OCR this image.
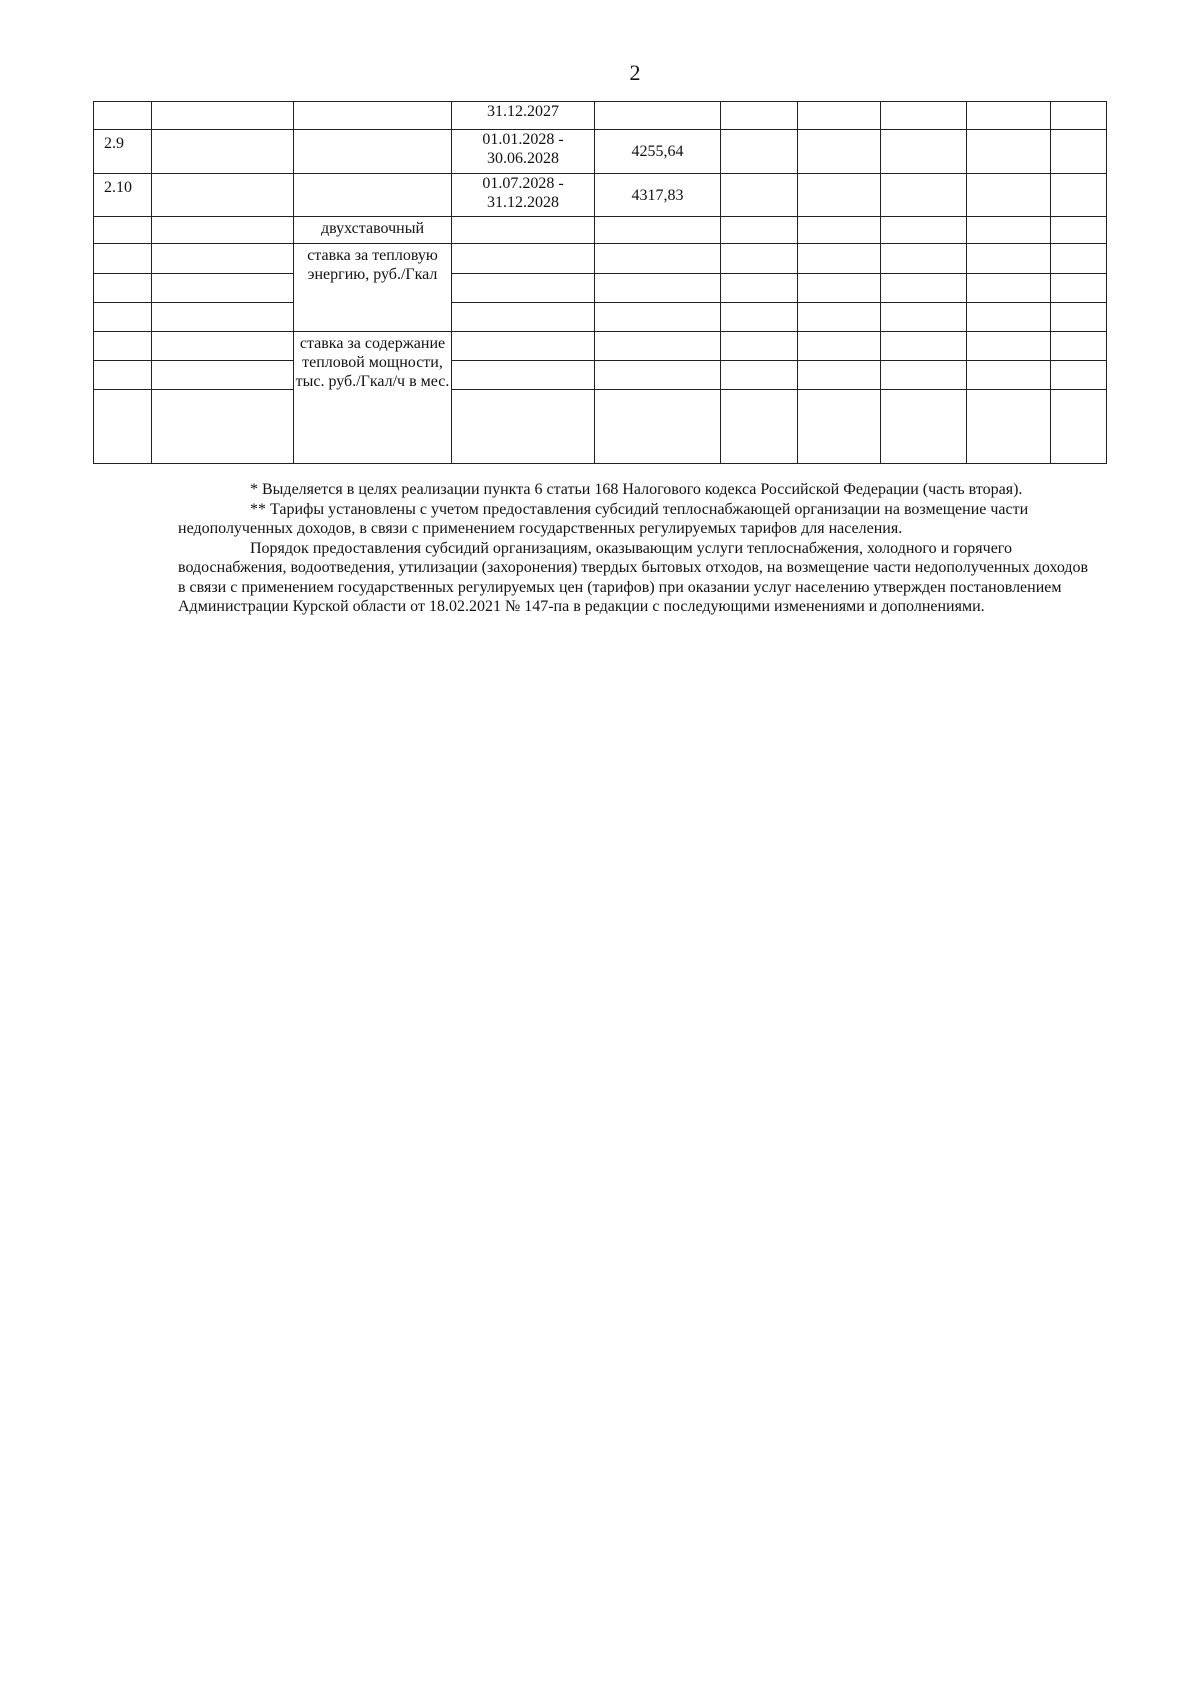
2
			31.12.2027						
2.9			01.01.2028 - 30.06.2028	4255,64					
2.10			01.07.2028 - 31.12.2028	4317,83					
		двухставочный							
		ставка за тепловую энергию, руб./Гкал							

		ставка за содержание тепловой мощности, тыс. руб./Гкал/ч в мес.							

* Выделяется в целях реализации пункта 6 статьи 168 Налогового кодекса Российской Федерации (часть вторая).

** Тарифы установлены с учетом предоставления субсидий теплоснабжающей организации на возмещение части недополученных доходов, в связи с применением государственных регулируемых тарифов для населения.

Порядок предоставления субсидий организациям, оказывающим услуги теплоснабжения, холодного и горячего водоснабжения, водоотведения, утилизации (захоронения) твердых бытовых отходов, на возмещение части недополученных доходов в связи с применением государственных регулируемых цен (тарифов) при оказании услуг населению утвержден постановлением Администрации Курской области от 18.02.2021 № 147-па в редакции с последующими изменениями и дополнениями.
